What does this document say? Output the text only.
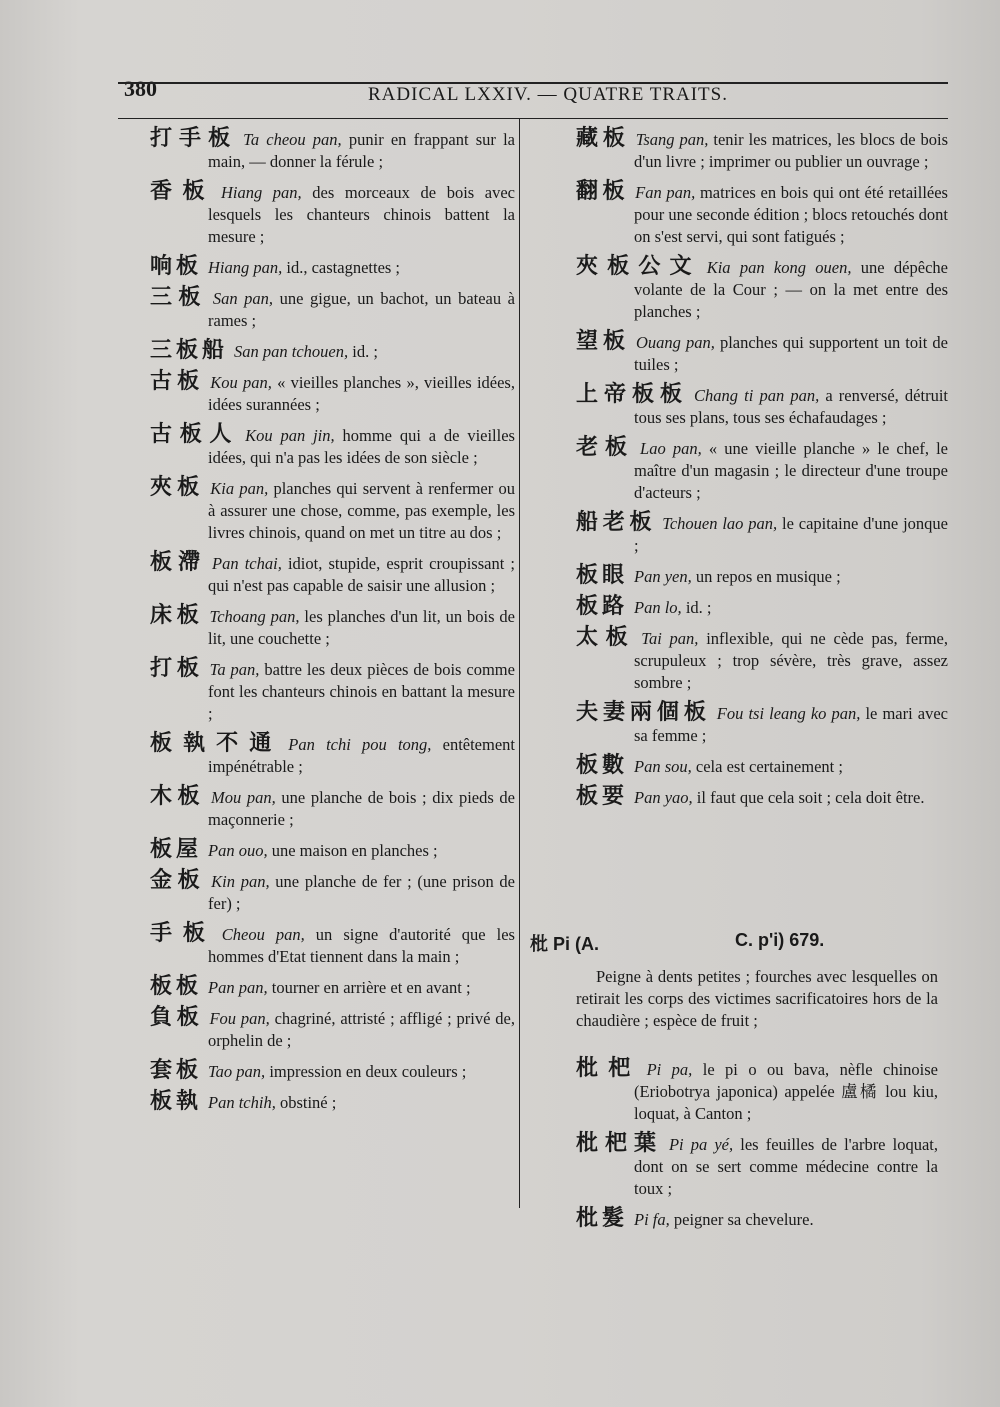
380	RADICAL LXXIV. — QUATRE TRAITS.
打手板 Ta cheou pan, punir en frappant sur la main, — donner la férule ;
香板 Hiang pan, des morceaux de bois avec lesquels les chanteurs chinois battent la mesure ;
响板 Hiang pan, id., castagnettes ;
三板 San pan, une gigue, un bachot, un bateau à rames ;
三板船 San pan tchouen, id. ;
古板 Kou pan, « vieilles planches », vieilles idées, idées surannées ;
古板人 Kou pan jin, homme qui a de vieilles idées, qui n'a pas les idées de son siècle ;
夾板 Kia pan, planches qui servent à renfermer ou à assurer une chose, comme, pas exemple, les livres chinois, quand on met un titre au dos ;
板滯 Pan tchai, idiot, stupide, esprit croupissant ; qui n'est pas capable de saisir une allusion ;
床板 Tchoang pan, les planches d'un lit, un bois de lit, une couchette ;
打板 Ta pan, battre les deux pièces de bois comme font les chanteurs chinois en battant la mesure ;
板執不通 Pan tchi pou tong, entêtement impénétrable ;
木板 Mou pan, une planche de bois ; dix pieds de maçonnerie ;
板屋 Pan ouo, une maison en planches ;
金板 Kin pan, une planche de fer ; (une prison de fer) ;
手板 Cheou pan, un signe d'autorité que les hommes d'Etat tiennent dans la main ;
板板 Pan pan, tourner en arrière et en avant ;
負板 Fou pan, chagriné, attristé ; affligé ; privé de, orphelin de ;
套板 Tao pan, impression en deux couleurs ;
板執 Pan tchih, obstiné ;
藏板 Tsang pan, tenir les matrices, les blocs de bois d'un livre ; imprimer ou publier un ouvrage ;
翻板 Fan pan, matrices en bois qui ont été retaillées pour une seconde édition ; blocs retouchés dont on s'est servi, qui sont fatigués ;
夾板公文 Kia pan kong ouen, une dépêche volante de la Cour ; — on la met entre des planches ;
望板 Ouang pan, planches qui supportent un toit de tuiles ;
上帝板板 Chang ti pan pan, a renversé, détruit tous ses plans, tous ses échafaudages ;
老板 Lao pan, « une vieille planche » le chef, le maître d'un magasin ; le directeur d'une troupe d'acteurs ;
船老板 Tchouen lao pan, le capitaine d'une jonque ;
板眼 Pan yen, un repos en musique ;
板路 Pan lo, id. ;
太板 Tai pan, inflexible, qui ne cède pas, ferme, scrupuleux ; trop sévère, très grave, assez sombre ;
夫妻兩個板 Fou tsi leang ko pan, le mari avec sa femme ;
板數 Pan sou, cela est certainement ;
板要 Pan yao, il faut que cela soit ; cela doit être.
枇 Pi (A.	C. p'i) 679.
Peigne à dents petites ; fourches avec lesquelles on retirait les corps des victimes sacrificatoires hors de la chaudière ; espèce de fruit ;
枇杷 Pi pa, le pi o ou bava, nèfle chinoise (Eriobotrya japonica) appelée 盧橘 lou kiu, loquat, à Canton ;
枇杷葉 Pi pa yé, les feuilles de l'arbre loquat, dont on se sert comme médecine contre la toux ;
枇髮 Pi fa, peigner sa chevelure.
